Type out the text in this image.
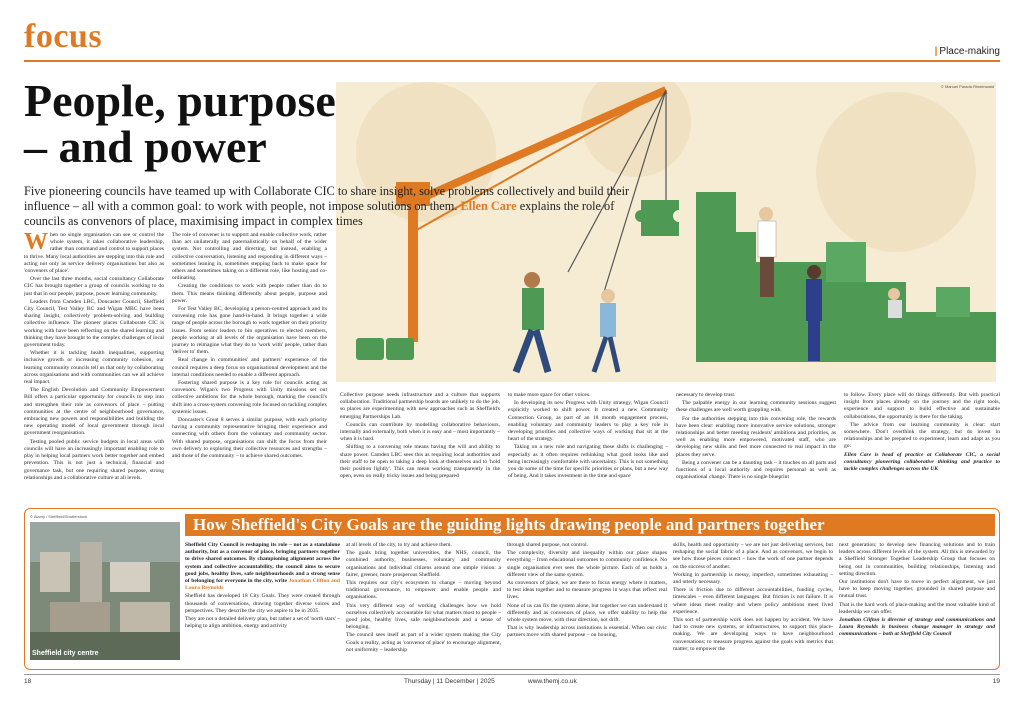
focus	| Place-making
People, purpose – and power
© Manuel Parada Rindenwald
Five pioneering councils have teamed up with Collaborate CIC to share insight, solve problems collectively and build their influence – all with a common goal: to work with people, not impose solutions on them. Ellen Care explains the role of councils as convenors of place, maximising impact in complex times

When no single organisation can see or control the whole system, it takes collaborative leadership, rather than command and control to support places to thrive. Many local authorities are stepping into this role and acting not only as service delivery organisations but also as 'conveners of place'.

Over the last three months, social consultancy Collaborate CIC has brought together a group of councils working to do just that in our people, purpose, power learning community.

Leaders from Camden LBC, Doncaster Council, Sheffield City Council, Test Valley BC and Wigan MBC have been sharing insight, collectively problem-solving and building collective influence. The pioneer places Collaborate CIC is working with have been reflecting on the shared learning and thinking they have brought to the complex challenges of local government today.

Whether it is tackling health inequalities, supporting inclusive growth or increasing community cohesion, our learning community councils tell us that only by collaborating across organisations and with communities can we all achieve real impact.

The English Devolution and Community Empowerment Bill offers a particular opportunity for councils to step into and strengthen their role as convenors of place – putting communities at the centre of neighbourhood governance, embracing new powers and responsibilities and building the new operating model of local government through local government reorganisation.

Testing pooled public service budgets in local areas with councils will have an increasingly important enabling role to play in helping local partners work better together and embed prevention. This is not just a technical, financial and governance task, but one requiring shared purpose, strong relationships and a collaborative culture at all levels.

The role of convener is to support and enable collective work, rather than act unilaterally and paternalistically on behalf of the wider system. Not controlling and directing, but instead, enabling a collective conversation, listening and responding in different ways – sometimes leaning in, sometimes stepping back to make space for others and sometimes taking on a different role, like hosting and co-ordinating.

Creating the conditions to work with people rather than do to them. This means thinking differently about people, purpose and power.

For Test Valley BC, developing a person-centred approach and its convening role has gone hand-in-hand. It brings together a wide range of people across the borough to work together on their priority issues. From senior leaders to bin operatives to elected members, people working at all levels of the organisation have been on the journey to reimagine what they do to 'work with' people, rather than 'deliver to' them.

Real change in communities' and partners' experience of the council requires a deep focus on organisational development and the internal conditions needed to enable a different approach.

Fostering shared purpose is a key role for councils acting as convenors. Wigan's two Progress with Unity missions set out collective ambitions for the whole borough, marking the council's shift into a cross-system convening role focused on tackling complex systemic issues.

Doncaster's Great 8 serves a similar purpose, with each priority having a community representative bringing their experience and connecting with others from the voluntary and community sector. With shared purpose, organisations can shift the focus from their own delivery to exploring their collective resources and strengths – and those of the community – to achieve shared outcomes.

Collective purpose needs infrastructure and a culture that supports collaboration. Traditional partnership boards are unlikely to do the job, so places are experimenting with new approaches such as Sheffield's emerging Partnerships Lab.

Councils can contribute by modelling collaborative behaviours, internally and externally, both when it is easy and – most importantly – when it is hard.

Shifting to a convening role means having the will and ability to share power. Camden LBC sees this as requiring local authorities and their staff to be open to taking a deep look at themselves and to 'hold their position lightly'. This can mean working transparently in the open, even on really tricky issues and being prepared

to make more space for other voices.

In developing its new Progress with Unity strategy, Wigan Council explicitly worked to shift power. It created a new Community Connection Group, as part of an 18 month engagement process, enabling voluntary and community leaders to play a key role in developing priorities and collective ways of working that sit at the heart of the strategy.

Taking on a new role and navigating these shifts is challenging – especially as it often requires rethinking what good looks like and being increasingly comfortable with uncertainty. This is not something you do some of the time for specific priorities or plans, but a new way of being. And it takes investment in the time and space

necessary to develop trust.

The palpable energy in our learning community sessions suggest these challenges are well worth grappling with.

For the authorities stepping into this convening role, the rewards have been clear: enabling more innovative service solutions, stronger relationships and better meeting residents' ambitions and priorities, as well as enabling more empowered, motivated staff, who are developing new skills and feel more connected to real impact in the places they serve.

Being a convener can be a daunting task – it touches on all parts and functions of a local authority and requires personal as well as organisational change. There is no single blueprint

to follow. Every place will do things differently. But with practical insight from places already on the journey and the right tools, experience and support to build effective and sustainable collaborations, the opportunity is there for the taking.

The advice from our learning community is clear: start somewhere. Don't overthink the strategy, but do invest in relationships and be prepared to experiment, learn and adapt as you go.

Ellen Care is head of practice at Collaborate CIC, a social consultancy pioneering collaborative thinking and practice to tackle complex challenges across the UK

© Alamy / Sheffield/Shutterstock
Sheffield city centre
How Sheffield's City Goals are the guiding lights drawing people and partners together

Sheffield City Council is reshaping its role – not as a standalone authority, but as a convenor of place, bringing partners together to drive shared outcomes. By championing alignment across the system and collective accountability, the council aims to secure good jobs, healthy lives, safe neighbourhoods and a strong sense of belonging for everyone in the city, write Jonathan Clifton and Laura Reynolds

Sheffield has developed 18 City Goals. They were created through thousands of conversations, drawing together diverse voices and perspectives. They describe the city we aspire to be in 2035.

They are not a detailed delivery plan, but rather a set of 'north stars' – helping to align ambition, energy and activity

at all levels of the city, to try and achieve them.

The goals bring together universities, the NHS, council, the combined authority, businesses, voluntary and community organisations and individual citizens around one simple vision: a fairer, greener, more prosperous Sheffield.

This requires our city's ecosystem to change – moving beyond traditional governance, to empower and enable people and organisations.

This very different way of working challenges how we hold ourselves collectively accountable for what matters most to people – good jobs, healthy lives, safe neighbourhoods and a sense of belonging.

The council sees itself as part of a wider system making the City Goals a reality, acting as 'convenor of place' to encourage alignment, not uniformity – leadership

through shared purpose, not control.

The complexity, diversity and inequality within our place shapes everything – from educational outcomes to community confidence. No single organisation ever sees the whole picture. Each of us holds a different view of the same system.

As convenors of place, we are there to focus energy where it matters, to test ideas together and to measure progress in ways that reflect real lives.

None of us can fix the system alone, but together we can understand it differently and as convenors of place, we offer stability to help the whole system move, with clear direction, not drift.

That is why leadership across institutions is essential. When our civic partners move with shared purpose – on housing,

skills, health and opportunity – we are not just delivering services, but reshaping the social fabric of a place. And as convenors, we begin to see how those pieces connect – how the work of one partner depends on the success of another.

Working in partnership is messy, imperfect, sometimes exhausting – and utterly necessary.

There is friction due to different accountabilities, funding cycles, timescales – even different languages. But friction is not failure. It is where ideas meet reality and where policy ambitions meet lived experience.

This sort of partnership work does not happen by accident. We have had to create new systems, or infrastructures, to support this place-making. We are developing ways to have neighbourhood conversations; to measure progress against the goals with metrics that matter; to empower the

next generation; to develop new financing solutions and to train leaders across different levels of the system. All this is stewarded by a Sheffield Stronger Together Leadership Group that focuses on being out in communities, building relationships, listening and setting direction.

Our institutions don't have to move in perfect alignment, we just have to keep moving together, grounded in shared purpose and mutual trust.

That is the hard work of place-making and the most valuable kind of leadership we can offer.

Jonathan Clifton is director of strategy and communications and Laura Reynolds is business change manager in strategy and communications – both at Sheffield City Council

18	Thursday | 11 December | 2025	www.themj.co.uk	19
